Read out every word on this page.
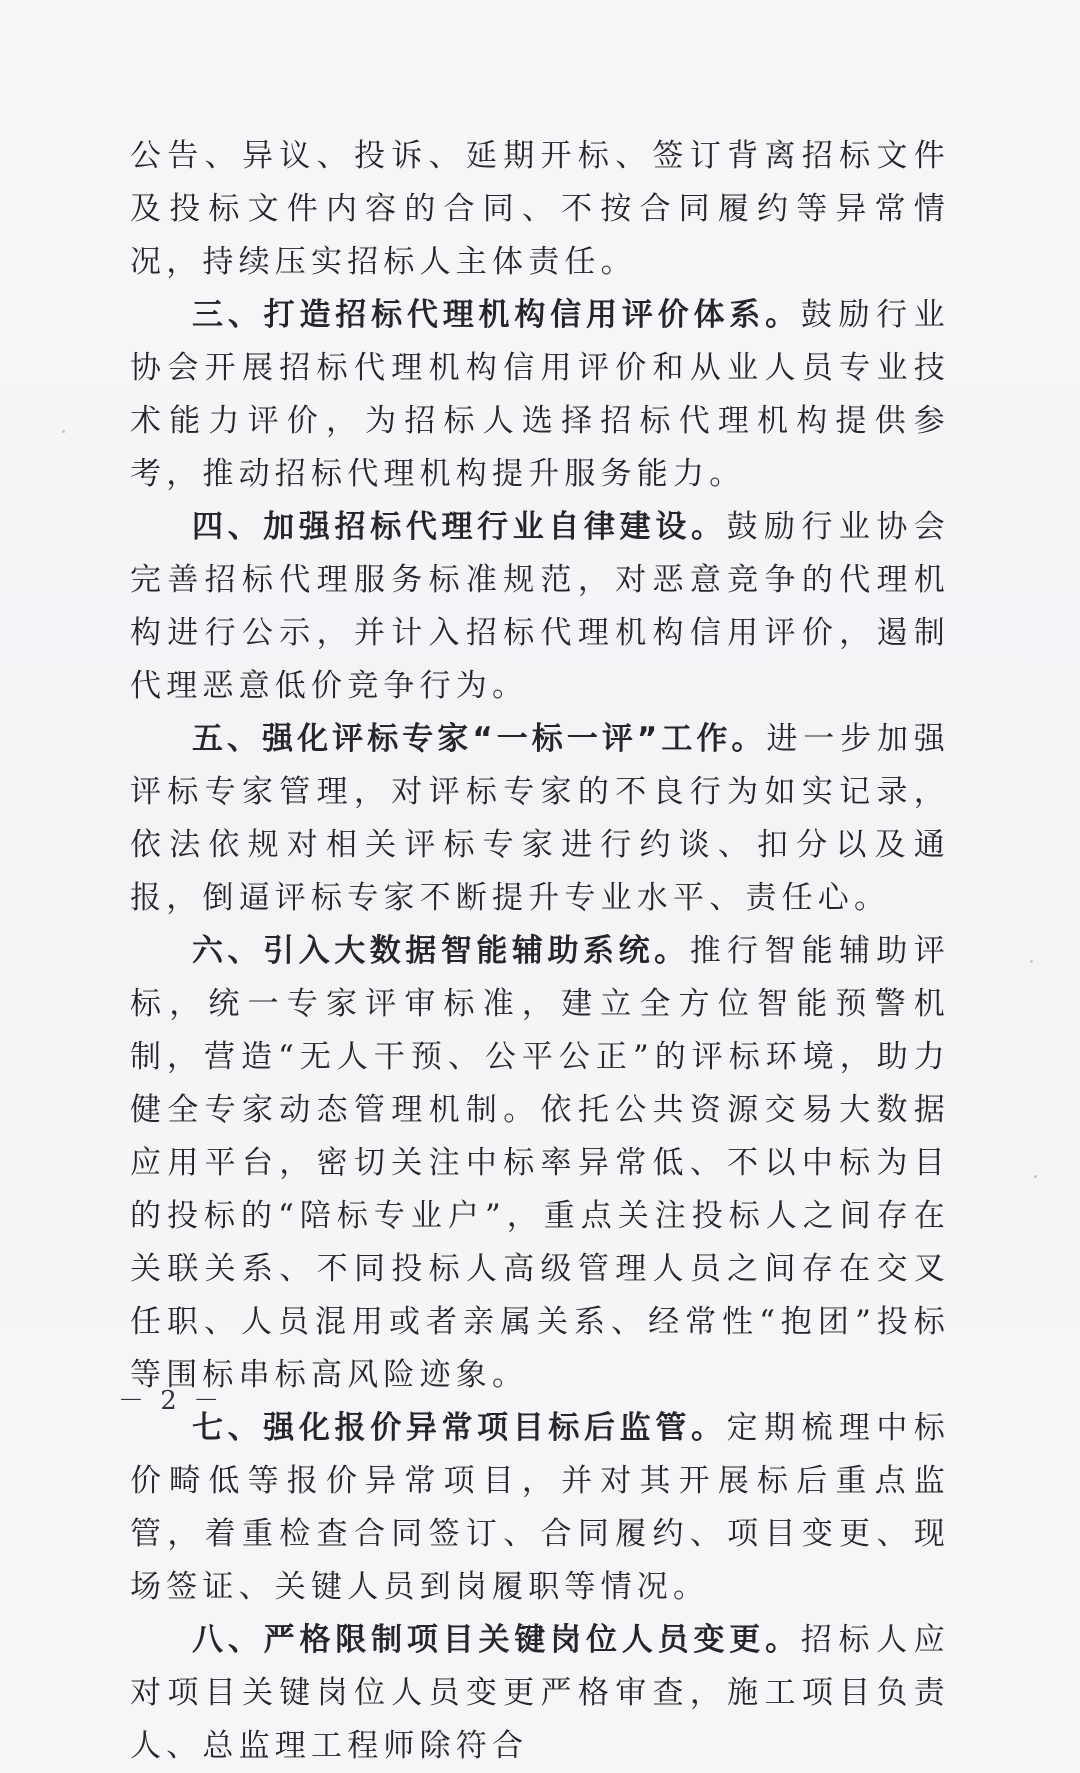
公告、异议、投诉、延期开标、签订背离招标文件及投标文件内容的合同、不按合同履约等异常情况，持续压实招标人主体责任。

三、打造招标代理机构信用评价体系。鼓励行业协会开展招标代理机构信用评价和从业人员专业技术能力评价，为招标人选择招标代理机构提供参考，推动招标代理机构提升服务能力。

四、加强招标代理行业自律建设。鼓励行业协会完善招标代理服务标准规范，对恶意竞争的代理机构进行公示，并计入招标代理机构信用评价，遏制代理恶意低价竞争行为。

五、强化评标专家“一标一评”工作。进一步加强评标专家管理，对评标专家的不良行为如实记录，依法依规对相关评标专家进行约谈、扣分以及通报，倒逼评标专家不断提升专业水平、责任心。

六、引入大数据智能辅助系统。推行智能辅助评标，统一专家评审标准，建立全方位智能预警机制，营造“无人干预、公平公正”的评标环境，助力健全专家动态管理机制。依托公共资源交易大数据应用平台，密切关注中标率异常低、不以中标为目的投标的“陪标专业户”，重点关注投标人之间存在关联关系、不同投标人高级管理人员之间存在交叉任职、人员混用或者亲属关系、经常性“抱团”投标等围标串标高风险迹象。

七、强化报价异常项目标后监管。定期梳理中标价畸低等报价异常项目，并对其开展标后重点监管，着重检查合同签订、合同履约、项目变更、现场签证、关键人员到岗履职等情况。

八、严格限制项目关键岗位人员变更。招标人应对项目关键岗位人员变更严格审查，施工项目负责人、总监理工程师除符合

－ 2 －
